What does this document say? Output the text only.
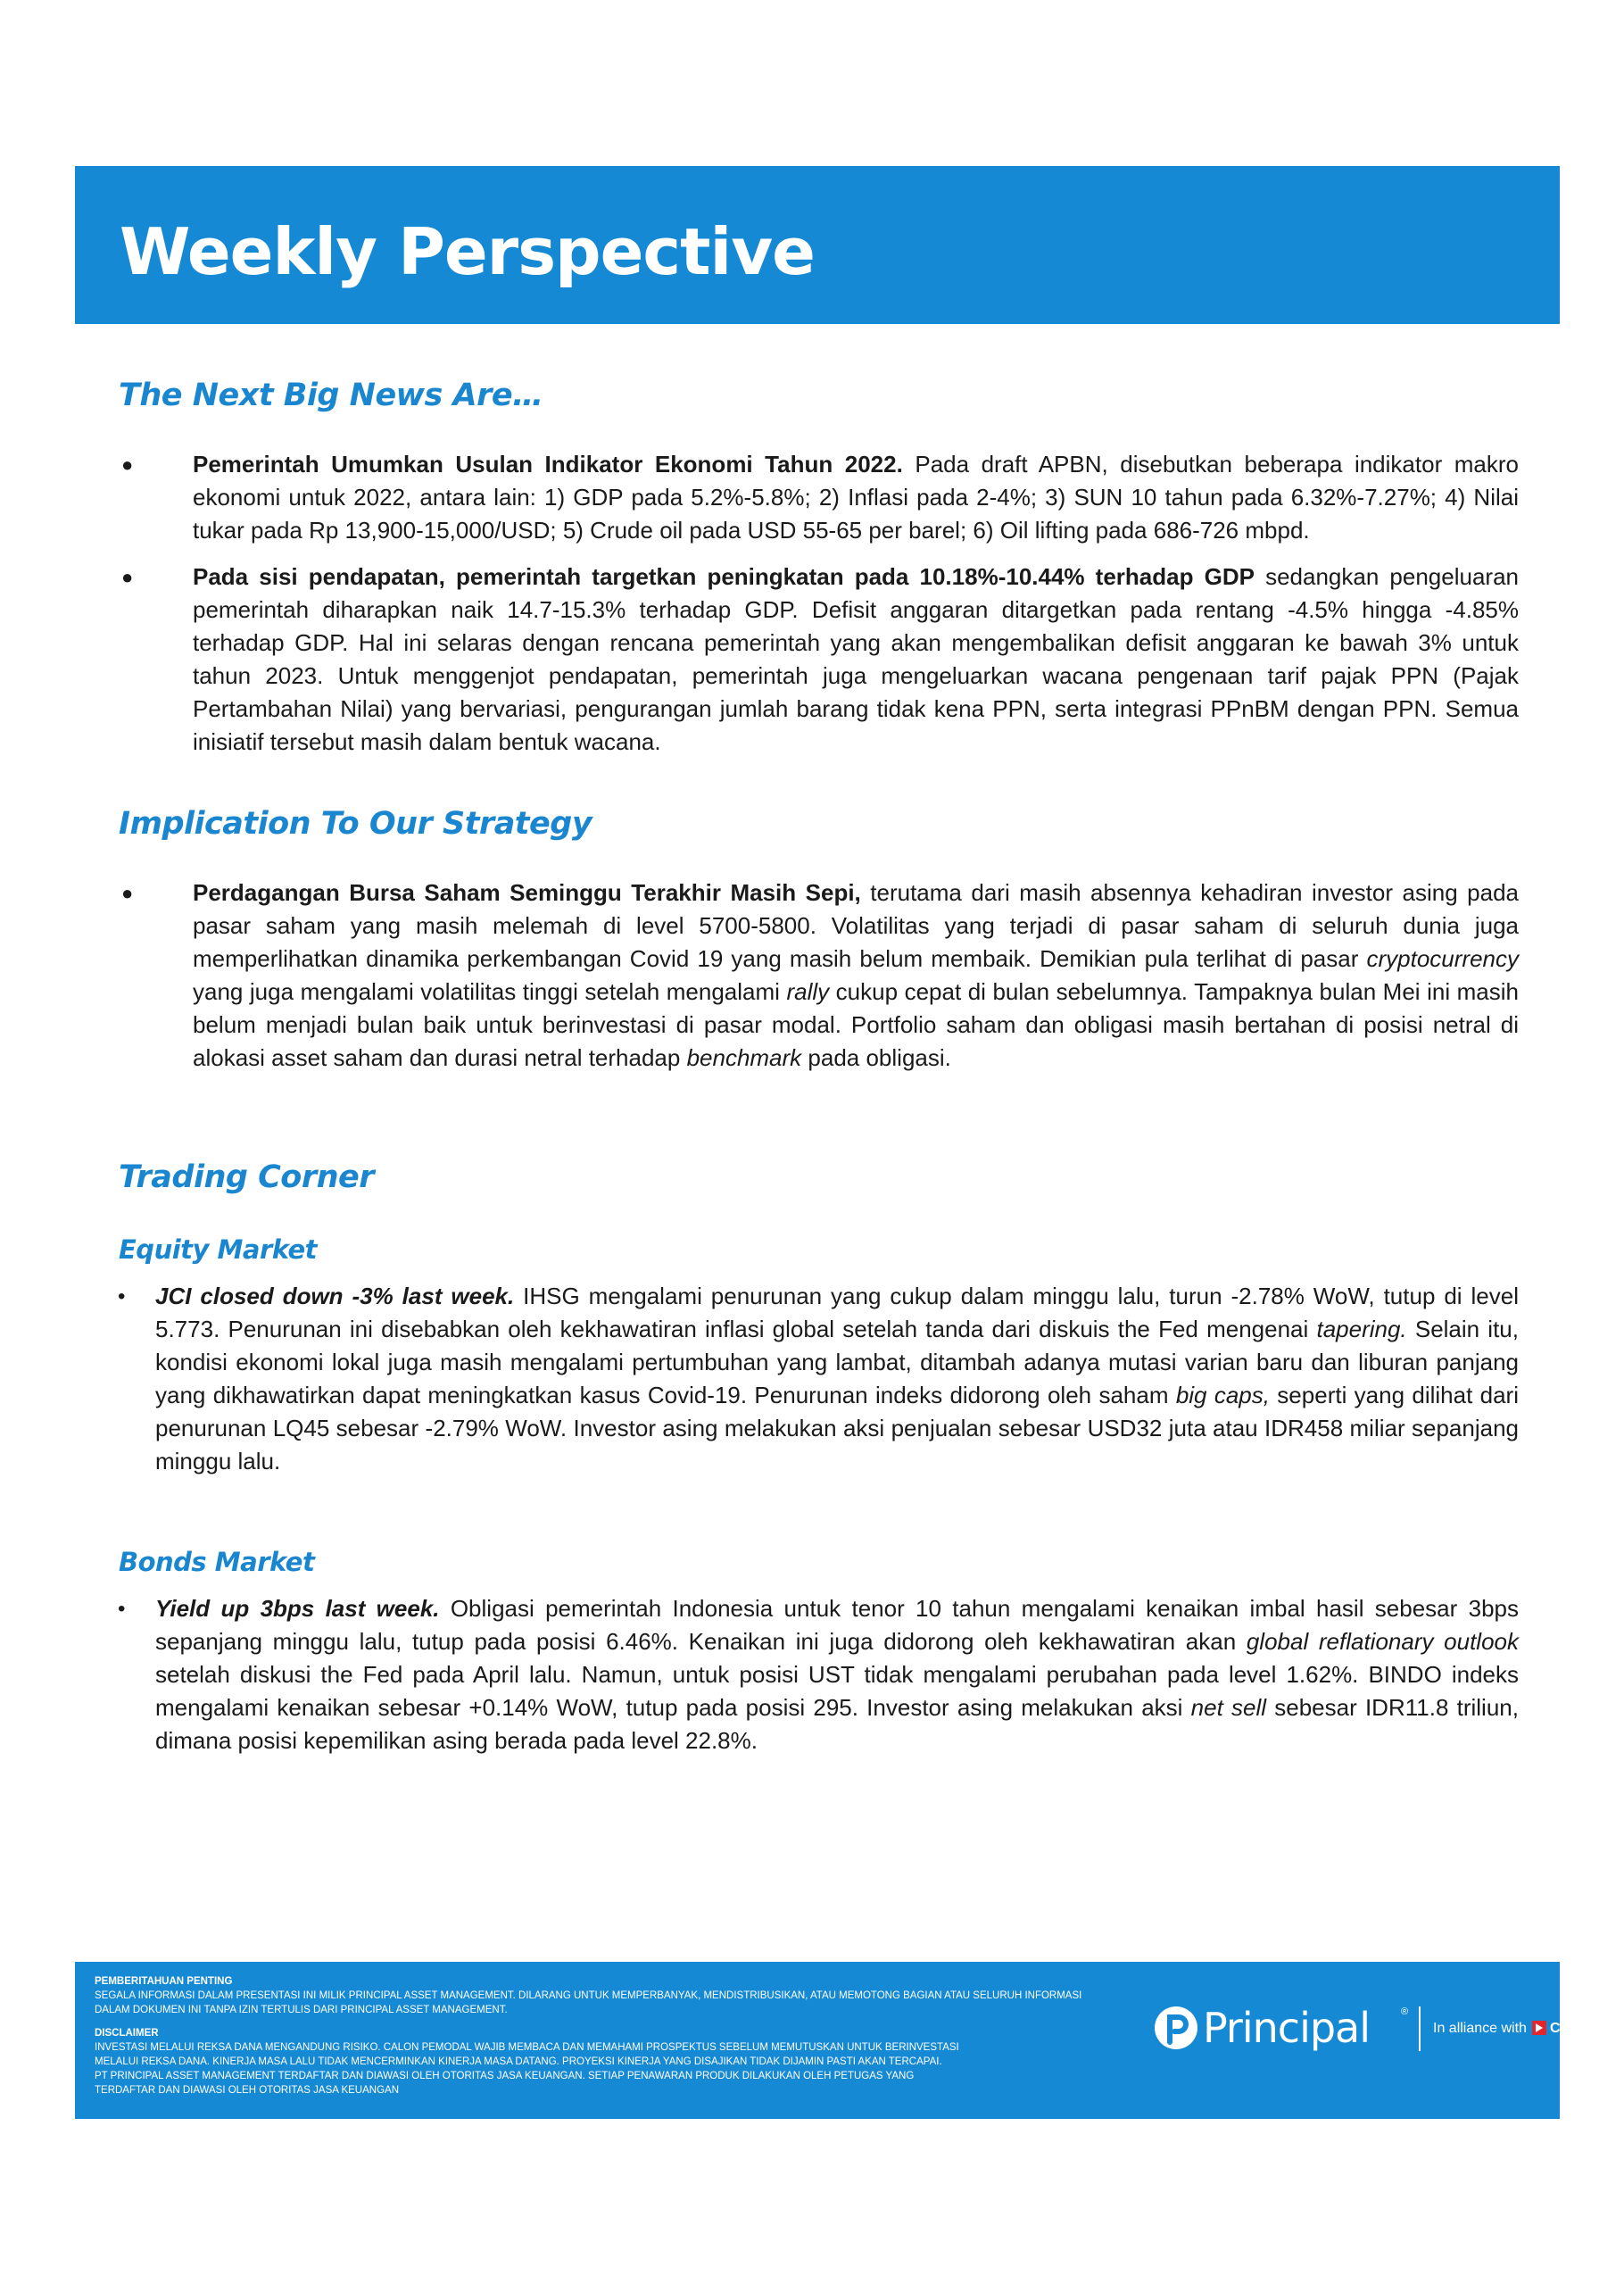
Weekly Perspective
The Next Big News Are…

●	Pemerintah Umumkan Usulan Indikator Ekonomi Tahun 2022. Pada draft APBN, disebutkan beberapa indikator makro ekonomi untuk 2022, antara lain: 1) GDP pada 5.2%-5.8%; 2) Inflasi pada 2-4%; 3) SUN 10 tahun pada 6.32%-7.27%; 4) Nilai tukar pada Rp 13,900-15,000/USD; 5) Crude oil pada USD 55-65 per barel; 6) Oil lifting pada 686-726 mbpd.

●	Pada sisi pendapatan, pemerintah targetkan peningkatan pada 10.18%-10.44% terhadap GDP sedangkan pengeluaran pemerintah diharapkan naik 14.7-15.3% terhadap GDP. Defisit anggaran ditargetkan pada rentang -4.5% hingga -4.85% terhadap GDP. Hal ini selaras dengan rencana pemerintah yang akan mengembalikan defisit anggaran ke bawah 3% untuk tahun 2023. Untuk menggenjot pendapatan, pemerintah juga mengeluarkan wacana pengenaan tarif pajak PPN (Pajak Pertambahan Nilai) yang bervariasi, pengurangan jumlah barang tidak kena PPN, serta integrasi PPnBM dengan PPN. Semua inisiatif tersebut masih dalam bentuk wacana.

Implication To Our Strategy

●	Perdagangan Bursa Saham Seminggu Terakhir Masih Sepi, terutama dari masih absennya kehadiran investor asing pada pasar saham yang masih melemah di level 5700-5800. Volatilitas yang terjadi di pasar saham di seluruh dunia juga memperlihatkan dinamika perkembangan Covid 19 yang masih belum membaik. Demikian pula terlihat di pasar cryptocurrency yang juga mengalami volatilitas tinggi setelah mengalami rally cukup cepat di bulan sebelumnya. Tampaknya bulan Mei ini masih belum menjadi bulan baik untuk berinvestasi di pasar modal. Portfolio saham dan obligasi masih bertahan di posisi netral di alokasi asset saham dan durasi netral terhadap benchmark pada obligasi.

Trading Corner
Equity Market

• JCI closed down -3% last week. IHSG mengalami penurunan yang cukup dalam minggu lalu, turun -2.78% WoW, tutup di level 5.773. Penurunan ini disebabkan oleh kekhawatiran inflasi global setelah tanda dari diskuis the Fed mengenai tapering. Selain itu, kondisi ekonomi lokal juga masih mengalami pertumbuhan yang lambat, ditambah adanya mutasi varian baru dan liburan panjang yang dikhawatirkan dapat meningkatkan kasus Covid-19. Penurunan indeks didorong oleh saham big caps, seperti yang dilihat dari penurunan LQ45 sebesar -2.79% WoW. Investor asing melakukan aksi penjualan sebesar USD32 juta atau IDR458 miliar sepanjang minggu lalu.

Bonds Market

• Yield up 3bps last week. Obligasi pemerintah Indonesia untuk tenor 10 tahun mengalami kenaikan imbal hasil sebesar 3bps sepanjang minggu lalu, tutup pada posisi 6.46%. Kenaikan ini juga didorong oleh kekhawatiran akan global reflationary outlook setelah diskusi the Fed pada April lalu. Namun, untuk posisi UST tidak mengalami perubahan pada level 1.62%. BINDO indeks mengalami kenaikan sebesar +0.14% WoW, tutup pada posisi 295. Investor asing melakukan aksi net sell sebesar IDR11.8 triliun, dimana posisi kepemilikan asing berada pada level 22.8%.

PEMBERITAHUAN PENTING
SEGALA INFORMASI DALAM PRESENTASI INI MILIK PRINCIPAL ASSET MANAGEMENT. DILARANG UNTUK MEMPERBANYAK, MENDISTRIBUSIKAN, ATAU MEMOTONG BAGIAN ATAU SELURUH INFORMASI
DALAM DOKUMEN INI TANPA IZIN TERTULIS DARI PRINCIPAL ASSET MANAGEMENT.
DISCLAIMER
INVESTASI MELALUI REKSA DANA MENGANDUNG RISIKO. CALON PEMODAL WAJIB MEMBACA DAN MEMAHAMI PROSPEKTUS SEBELUM MEMUTUSKAN UNTUK BERINVESTASI
MELALUI REKSA DANA. KINERJA MASA LALU TIDAK MENCERMINKAN KINERJA MASA DATANG. PROYEKSI KINERJA YANG DISAJIKAN TIDAK DIJAMIN PASTI AKAN TERCAPAI.
PT PRINCIPAL ASSET MANAGEMENT TERDAFTAR DAN DIAWASI OLEH OTORITAS JASA KEUANGAN. SETIAP PENAWARAN PRODUK DILAKUKAN OLEH PETUGAS YANG
TERDAFTAR DAN DIAWASI OLEH OTORITAS JASA KEUANGAN
Principal	®
In alliance with CIMB
